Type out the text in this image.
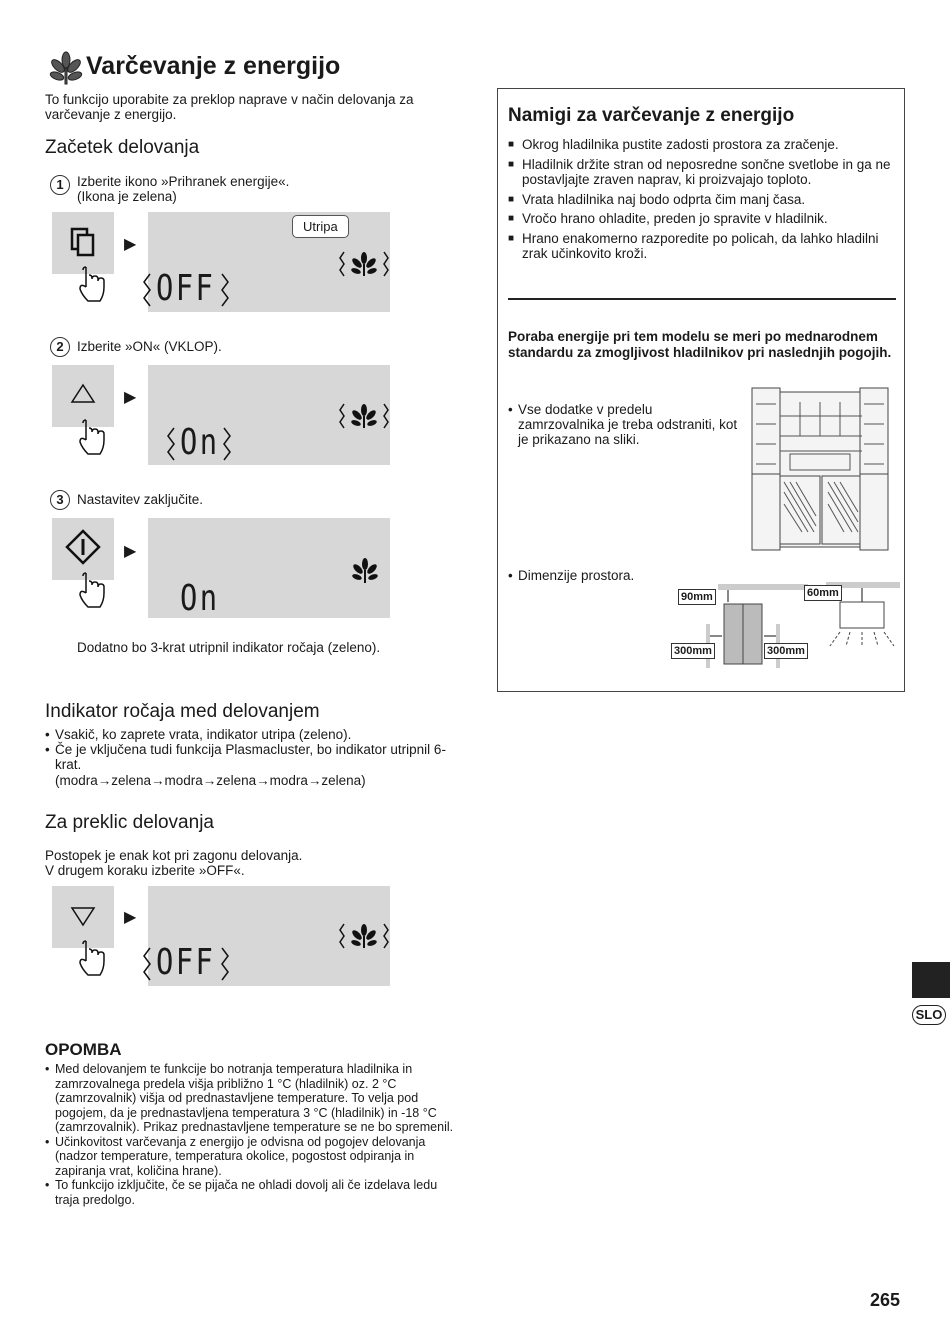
Varčevanje z energijo
To funkcijo uporabite za preklop naprave v način delovanja za varčevanje z energijo.
Začetek delovanja
1 Izberite ikono »Prihranek energije«.
(Ikona je zelena)
▶
Utripa
OFF
2 Izberite »ON« (VKLOP).
▶
On
3 Nastavitev zaključite.
▶
On
Dodatno bo 3-krat utripnil indikator ročaja (zeleno).
Indikator ročaja med delovanjem
• Vsakič, ko zaprete vrata, indikator utripa (zeleno).
• Če je vključena tudi funkcija Plasmacluster, bo indikator utripnil 6-krat.
(modra→zelena→modra→zelena→modra→zelena)
Za preklic delovanja
Postopek je enak kot pri zagonu delovanja.
V drugem koraku izberite »OFF«.
▶
OFF
OPOMBA
• Med delovanjem te funkcije bo notranja temperatura hladilnika in zamrzovalnega predela višja približno 1 °C (hladilnik) oz. 2 °C (zamrzovalnik) višja od prednastavljene temperature. To velja pod pogojem, da je prednastavljena temperatura 3 °C (hladilnik) in -18 °C (zamrzovalnik). Prikaz prednastavljene temperature se ne bo spremenil.
• Učinkovitost varčevanja z energijo je odvisna od pogojev delovanja (nadzor temperature, temperatura okolice, pogostost odpiranja in zapiranja vrat, količina hrane).
• To funkcijo izključite, če se pijača ne ohladi dovolj ali če izdelava ledu traja predolgo.
Namigi za varčevanje z energijo
■ Okrog hladilnika pustite zadosti prostora za zračenje.
■ Hladilnik držite stran od neposredne sončne svetlobe in ga ne postavljajte zraven naprav, ki proizvajajo toploto.
■ Vrata hladilnika naj bodo odprta čim manj časa.
■ Vročo hrano ohladite, preden jo spravite v hladilnik.
■ Hrano enakomerno razporedite po policah, da lahko hladilni zrak učinkovito kroži.
Poraba energije pri tem modelu se meri po mednarodnem standardu za zmogljivost hladilnikov pri naslednjih pogojih.
• Vse dodatke v predelu zamrzovalnika je treba odstraniti, kot je prikazano na sliki.
• Dimenzije prostora.
90mm
300mm	300mm
60mm
SLO
265
